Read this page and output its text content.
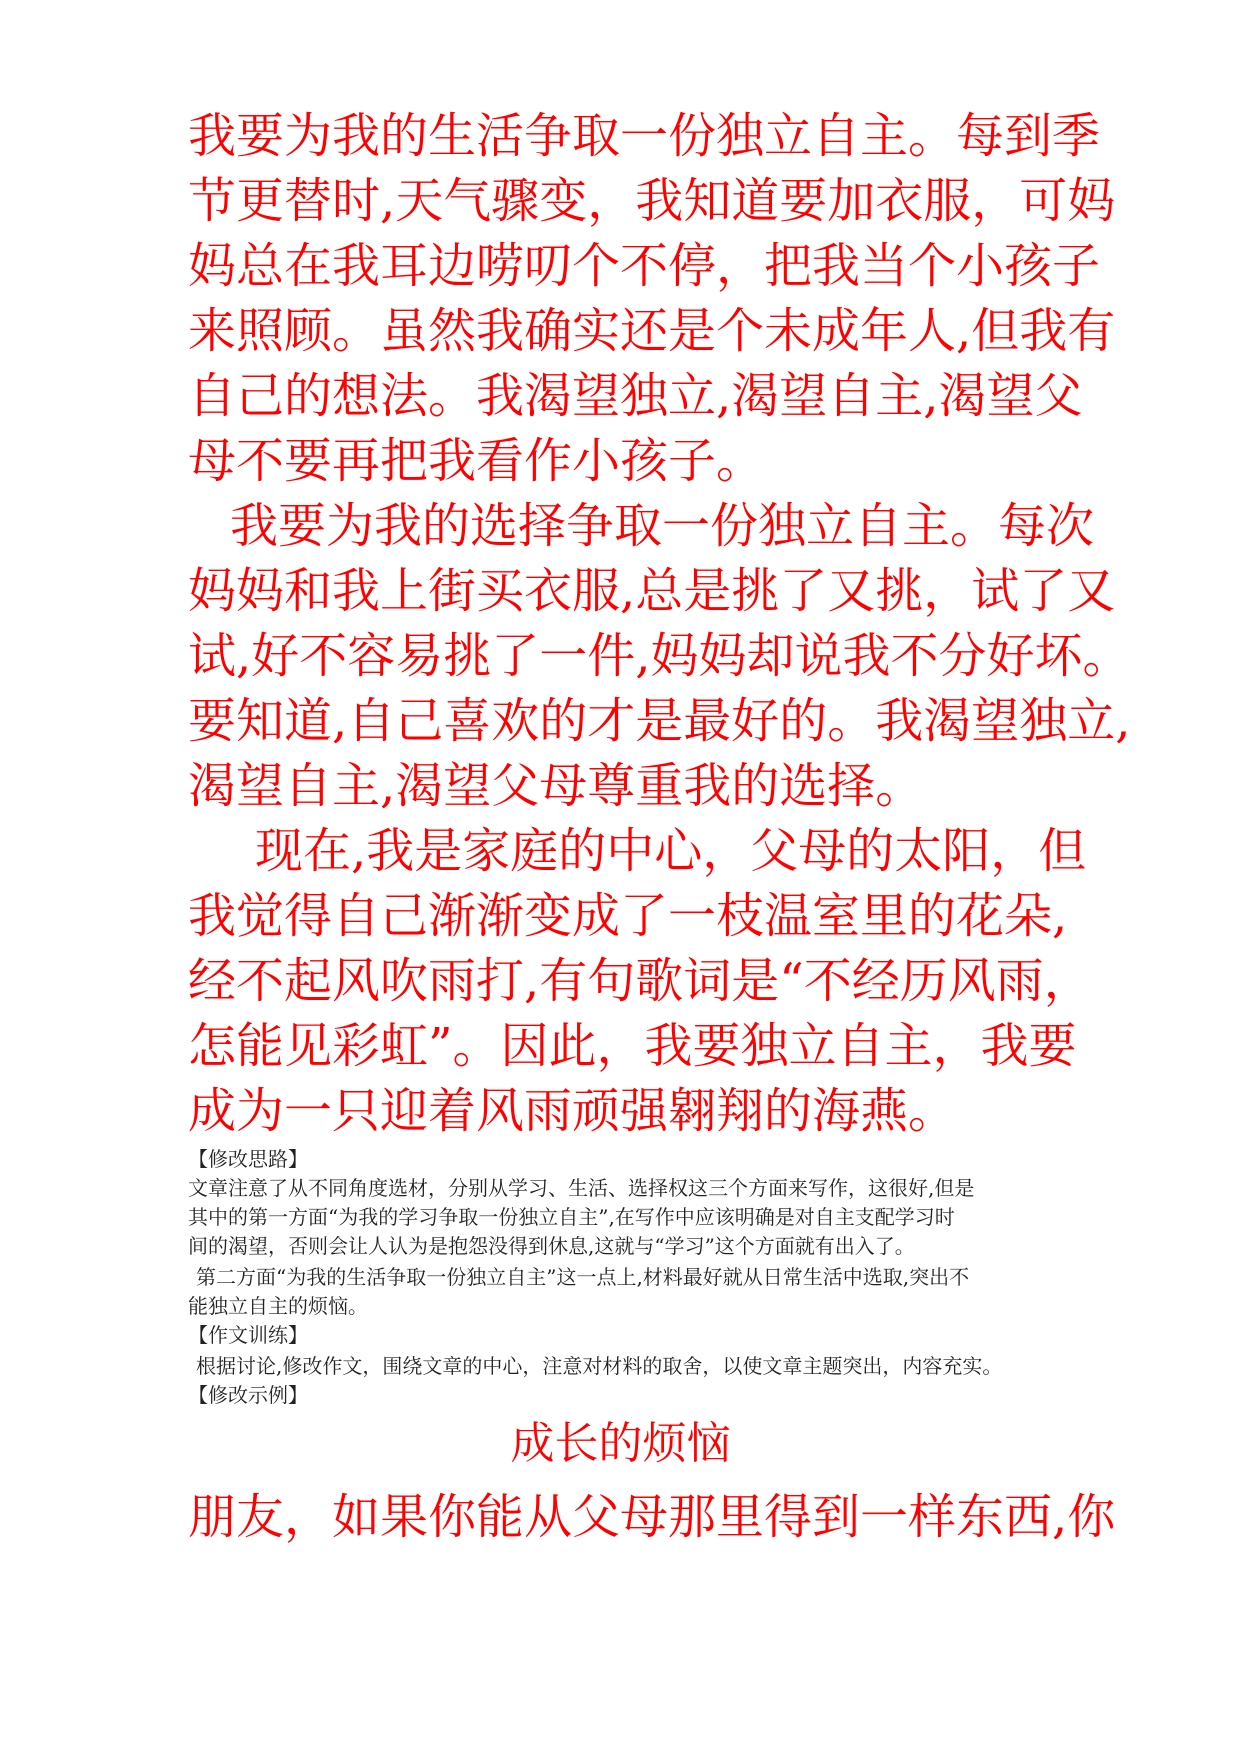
我要为我的生活争取一份独立自主。每到季
节更替时,天气骤变，我知道要加衣服，可妈
妈总在我耳边唠叨个不停，把我当个小孩子
来照顾。虽然我确实还是个未成年人,但我有
自己的想法。我渴望独立,渴望自主,渴望父
母不要再把我看作小孩子。
我要为我的选择争取一份独立自主。每次
妈妈和我上街买衣服,总是挑了又挑，试了又
试,好不容易挑了一件,妈妈却说我不分好坏。
要知道,自己喜欢的才是最好的。我渴望独立,
渴望自主,渴望父母尊重我的选择。
现在,我是家庭的中心，父母的太阳，但
我觉得自己渐渐变成了一枝温室里的花朵,
经不起风吹雨打,有句歌词是“不经历风雨，
怎能见彩虹”。因此，我要独立自主，我要
成为一只迎着风雨顽强翱翔的海燕。
【修改思路】
文章注意了从不同角度选材，分别从学习、生活、选择权这三个方面来写作，这很好,但是
其中的第一方面“为我的学习争取一份独立自主”,在写作中应该明确是对自主支配学习时
间的渴望，否则会让人认为是抱怨没得到休息,这就与“学习”这个方面就有出入了。
第二方面“为我的生活争取一份独立自主”这一点上,材料最好就从日常生活中选取,突出不
能独立自主的烦恼。
【作文训练】
根据讨论,修改作文，围绕文章的中心，注意对材料的取舍，以使文章主题突出，内容充实。
【修改示例】
成长的烦恼
朋友，如果你能从父母那里得到一样东西,你
